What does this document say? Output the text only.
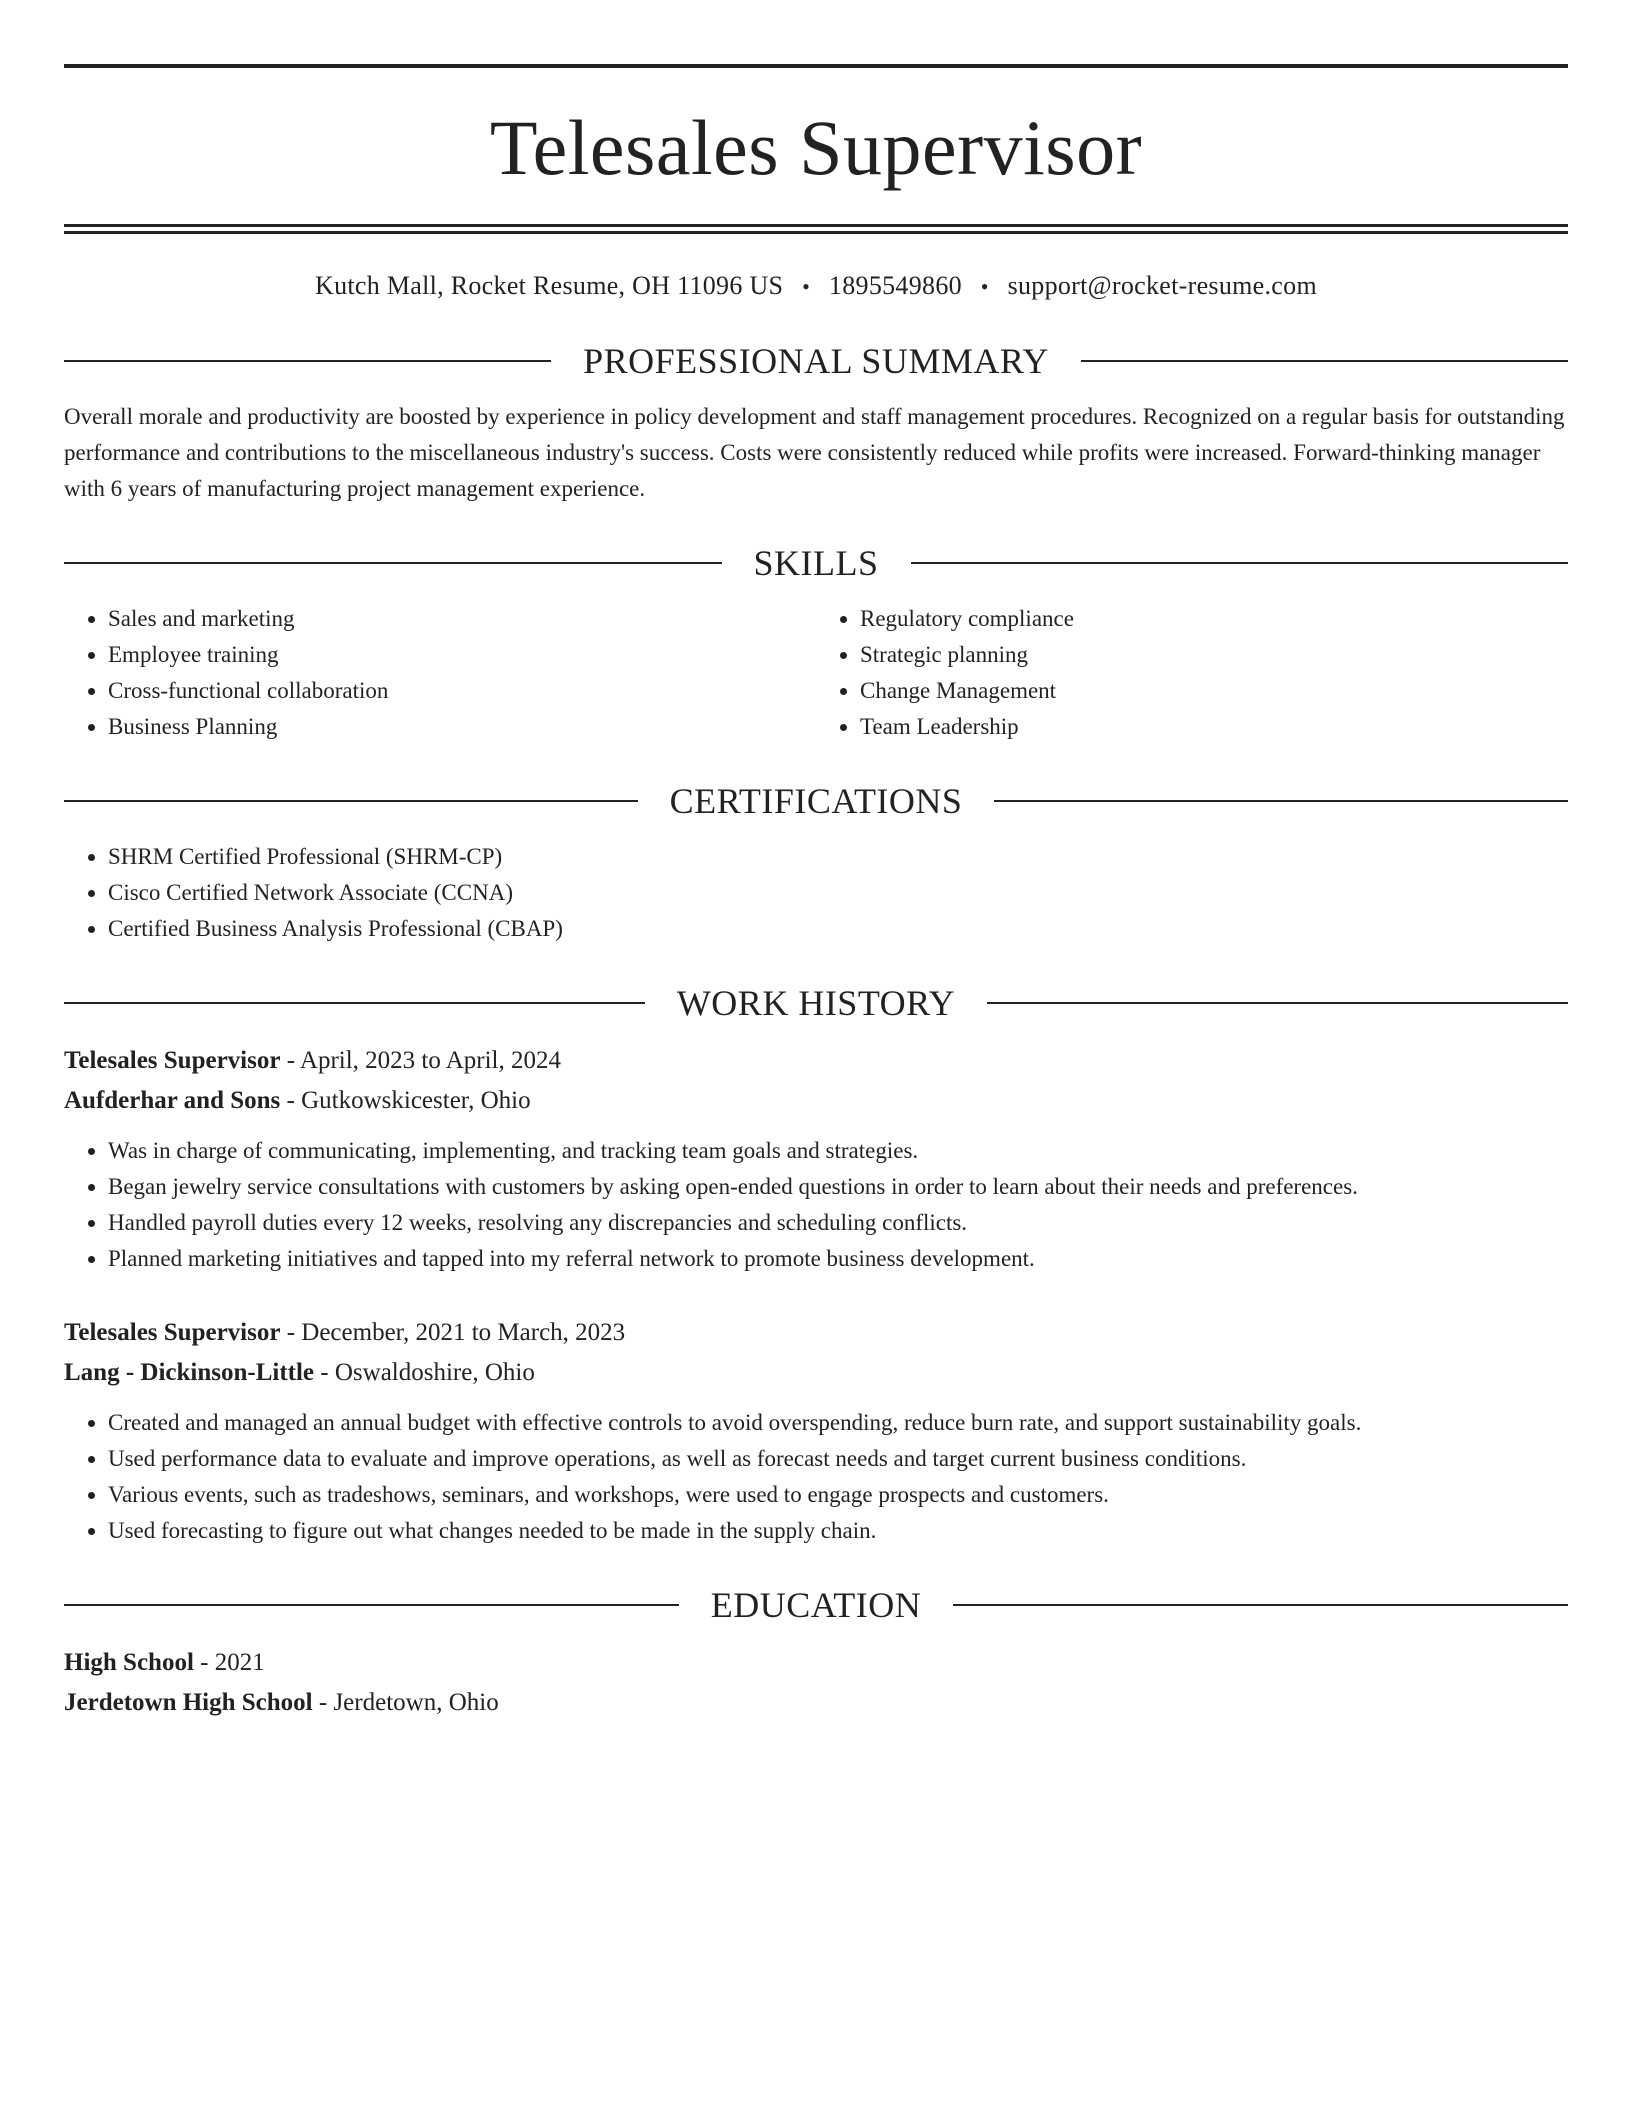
Telesales Supervisor
Kutch Mall, Rocket Resume, OH 11096 US • 1895549860 • support@rocket-resume.com
PROFESSIONAL SUMMARY

Overall morale and productivity are boosted by experience in policy development and staff management procedures. Recognized on a regular basis for outstanding performance and contributions to the miscellaneous industry's success. Costs were consistently reduced while profits were increased. Forward-thinking manager with 6 years of manufacturing project management experience.

SKILLS
• Sales and marketing
• Employee training
• Cross-functional collaboration
• Business Planning
• Regulatory compliance
• Strategic planning
• Change Management
• Team Leadership
CERTIFICATIONS
• SHRM Certified Professional (SHRM-CP)
• Cisco Certified Network Associate (CCNA)
• Certified Business Analysis Professional (CBAP)
WORK HISTORY
Telesales Supervisor - April, 2023 to April, 2024
Aufderhar and Sons - Gutkowskicester, Ohio
• Was in charge of communicating, implementing, and tracking team goals and strategies.
• Began jewelry service consultations with customers by asking open-ended questions in order to learn about their needs and preferences.
• Handled payroll duties every 12 weeks, resolving any discrepancies and scheduling conflicts.
• Planned marketing initiatives and tapped into my referral network to promote business development.
Telesales Supervisor - December, 2021 to March, 2023
Lang - Dickinson-Little - Oswaldoshire, Ohio
• Created and managed an annual budget with effective controls to avoid overspending, reduce burn rate, and support sustainability goals.
• Used performance data to evaluate and improve operations, as well as forecast needs and target current business conditions.
• Various events, such as tradeshows, seminars, and workshops, were used to engage prospects and customers.
• Used forecasting to figure out what changes needed to be made in the supply chain.
EDUCATION
High School - 2021
Jerdetown High School - Jerdetown, Ohio
